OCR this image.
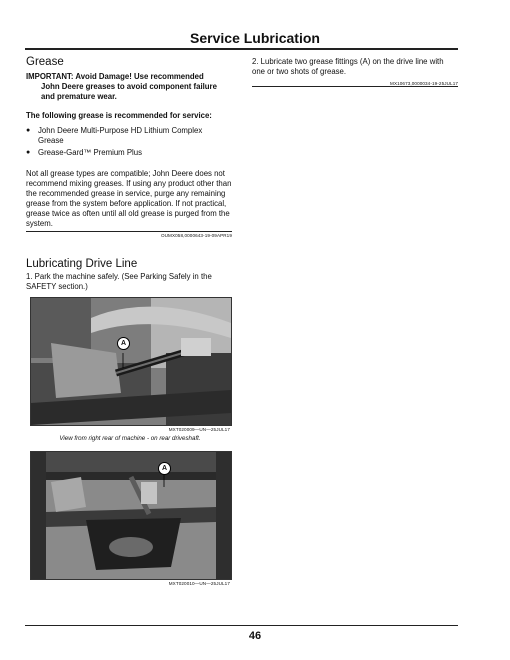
Service Lubrication
Grease
IMPORTANT: Avoid Damage! Use recommended
John Deere greases to avoid component failure
and premature wear.
The following grease is recommended for service:
● John Deere Multi-Purpose HD Lithium Complex Grease
● Grease-Gard™ Premium Plus
Not all grease types are compatible; John Deere does not recommend mixing greases. If using any product other than the recommended grease in service, purge any remaining grease from the system before application. If not practical, grease twice as often until all old grease is purged from the system.
OUMX058,0000643-19-09APR19
Lubricating Drive Line
1. Park the machine safely. (See Parking Safely in the SAFETY section.)
A
MXT020009—UN—25JUL17
View from right rear of machine - on rear driveshaft.
A
MXT020010—UN—25JUL17
2. Lubricate two grease fittings (A) on the drive line with one or two shots of grease.
MX10673,0000034-19-25JUL17
46
